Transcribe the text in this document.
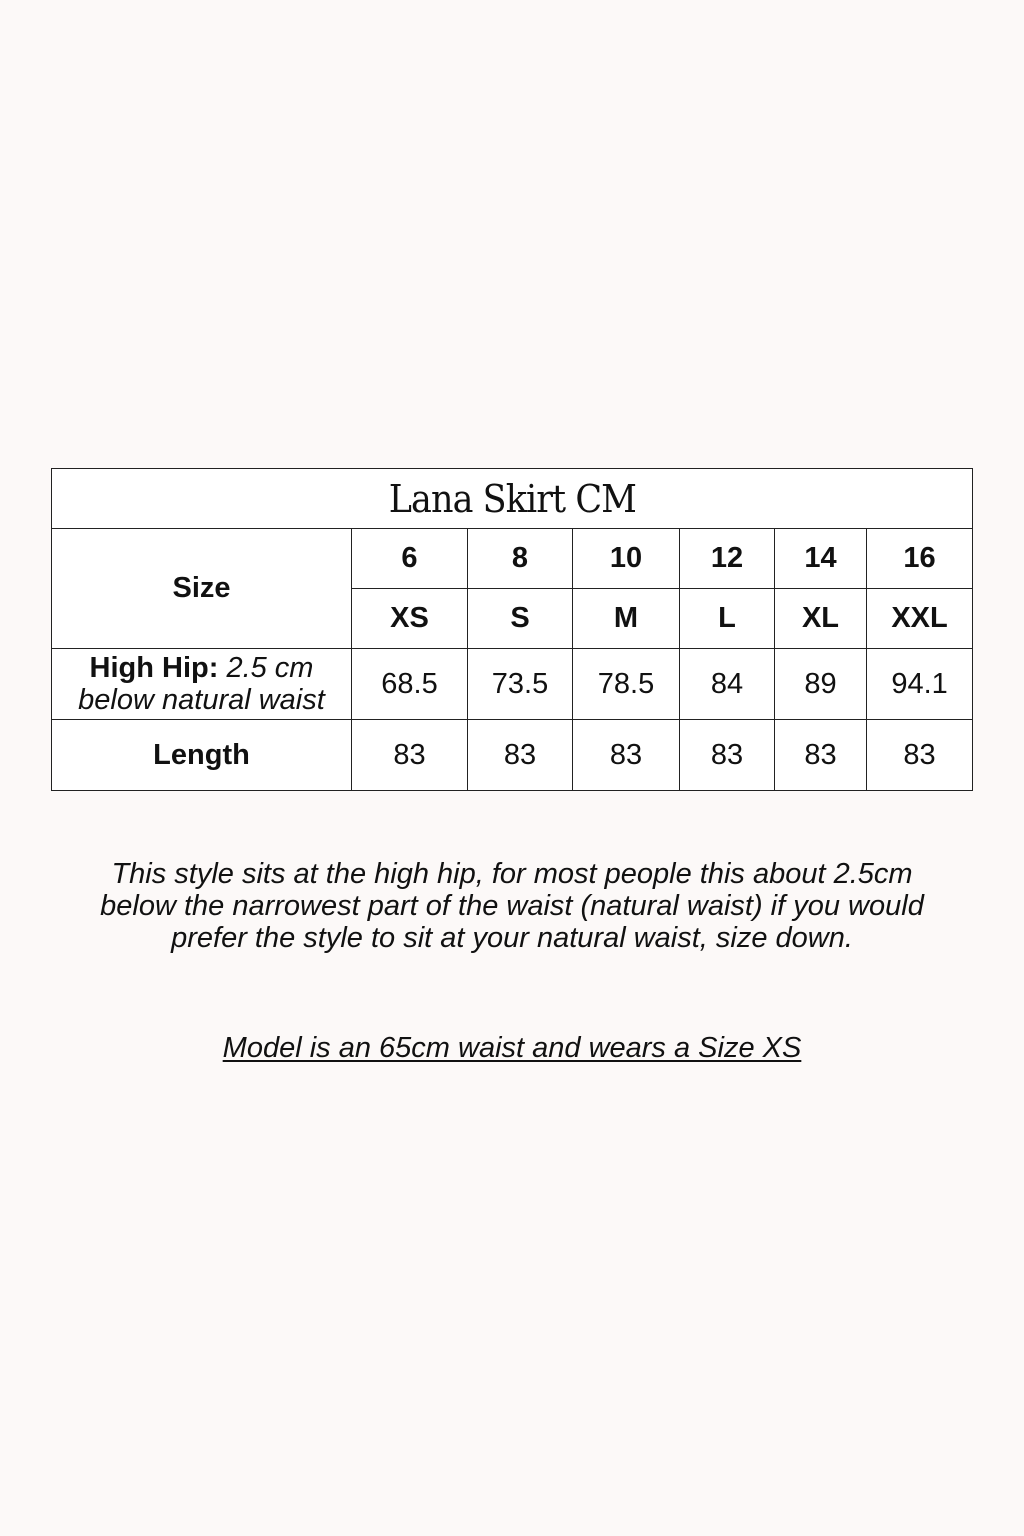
Lana Skirt CM						
Size	6	8	10	12	14	16
	XS	S	M	L	XL	XXL
High Hip: 2.5 cm
below natural waist	68.5	73.5	78.5	84	89	94.1
Length	83	83	83	83	83	83

This style sits at the high hip, for most people this about 2.5cm below the narrowest part of the waist (natural waist) if you would prefer the style to sit at your natural waist, size down.

Model is an 65cm waist and wears a Size XS
